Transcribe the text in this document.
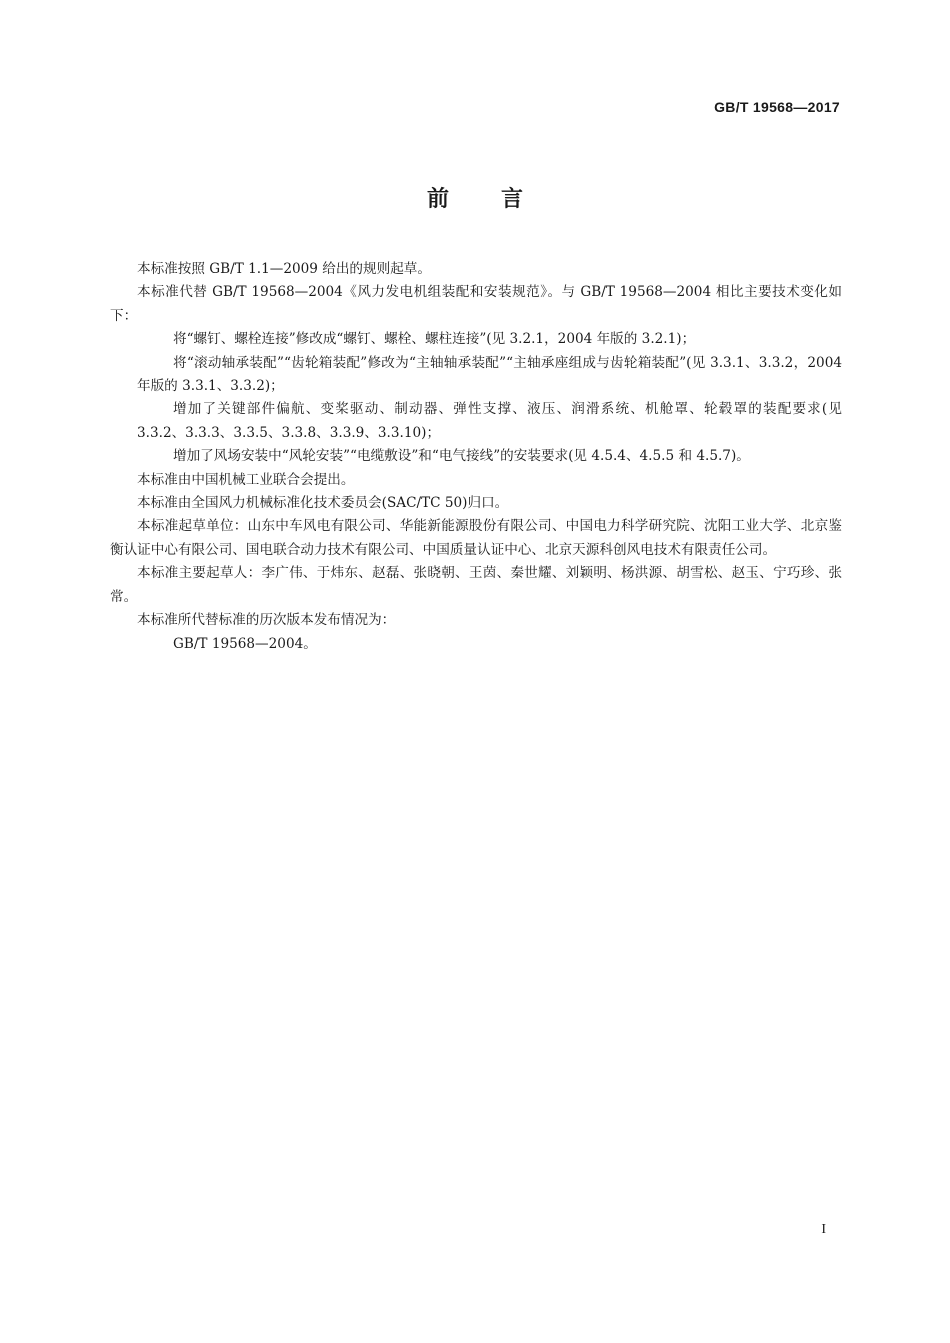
GB/T 19568—2017
前言

本标准按照 GB/T 1.1—2009 给出的规则起草。

本标准代替 GB/T 19568—2004《风力发电机组装配和安装规范》。与 GB/T 19568—2004 相比主要技术变化如下：

将“螺钉、螺栓连接”修改成“螺钉、螺栓、螺柱连接”(见 3.2.1，2004 年版的 3.2.1)；

将“滚动轴承装配”“齿轮箱装配”修改为“主轴轴承装配”“主轴承座组成与齿轮箱装配”(见 3.3.1、3.3.2，2004 年版的 3.3.1、3.3.2)；

增加了关键部件偏航、变桨驱动、制动器、弹性支撑、液压、润滑系统、机舱罩、轮毂罩的装配要求(见 3.3.2、3.3.3、3.3.5、3.3.8、3.3.9、3.3.10)；

增加了风场安装中“风轮安装”“电缆敷设”和“电气接线”的安装要求(见 4.5.4、4.5.5 和 4.5.7)。

本标准由中国机械工业联合会提出。

本标准由全国风力机械标准化技术委员会(SAC/TC 50)归口。

本标准起草单位：山东中车风电有限公司、华能新能源股份有限公司、中国电力科学研究院、沈阳工业大学、北京鉴衡认证中心有限公司、国电联合动力技术有限公司、中国质量认证中心、北京天源科创风电技术有限责任公司。

本标准主要起草人：李广伟、于炜东、赵磊、张晓朝、王茵、秦世耀、刘颖明、杨洪源、胡雪松、赵玉、宁巧珍、张常。

本标准所代替标准的历次版本发布情况为：

GB/T 19568—2004。

I
